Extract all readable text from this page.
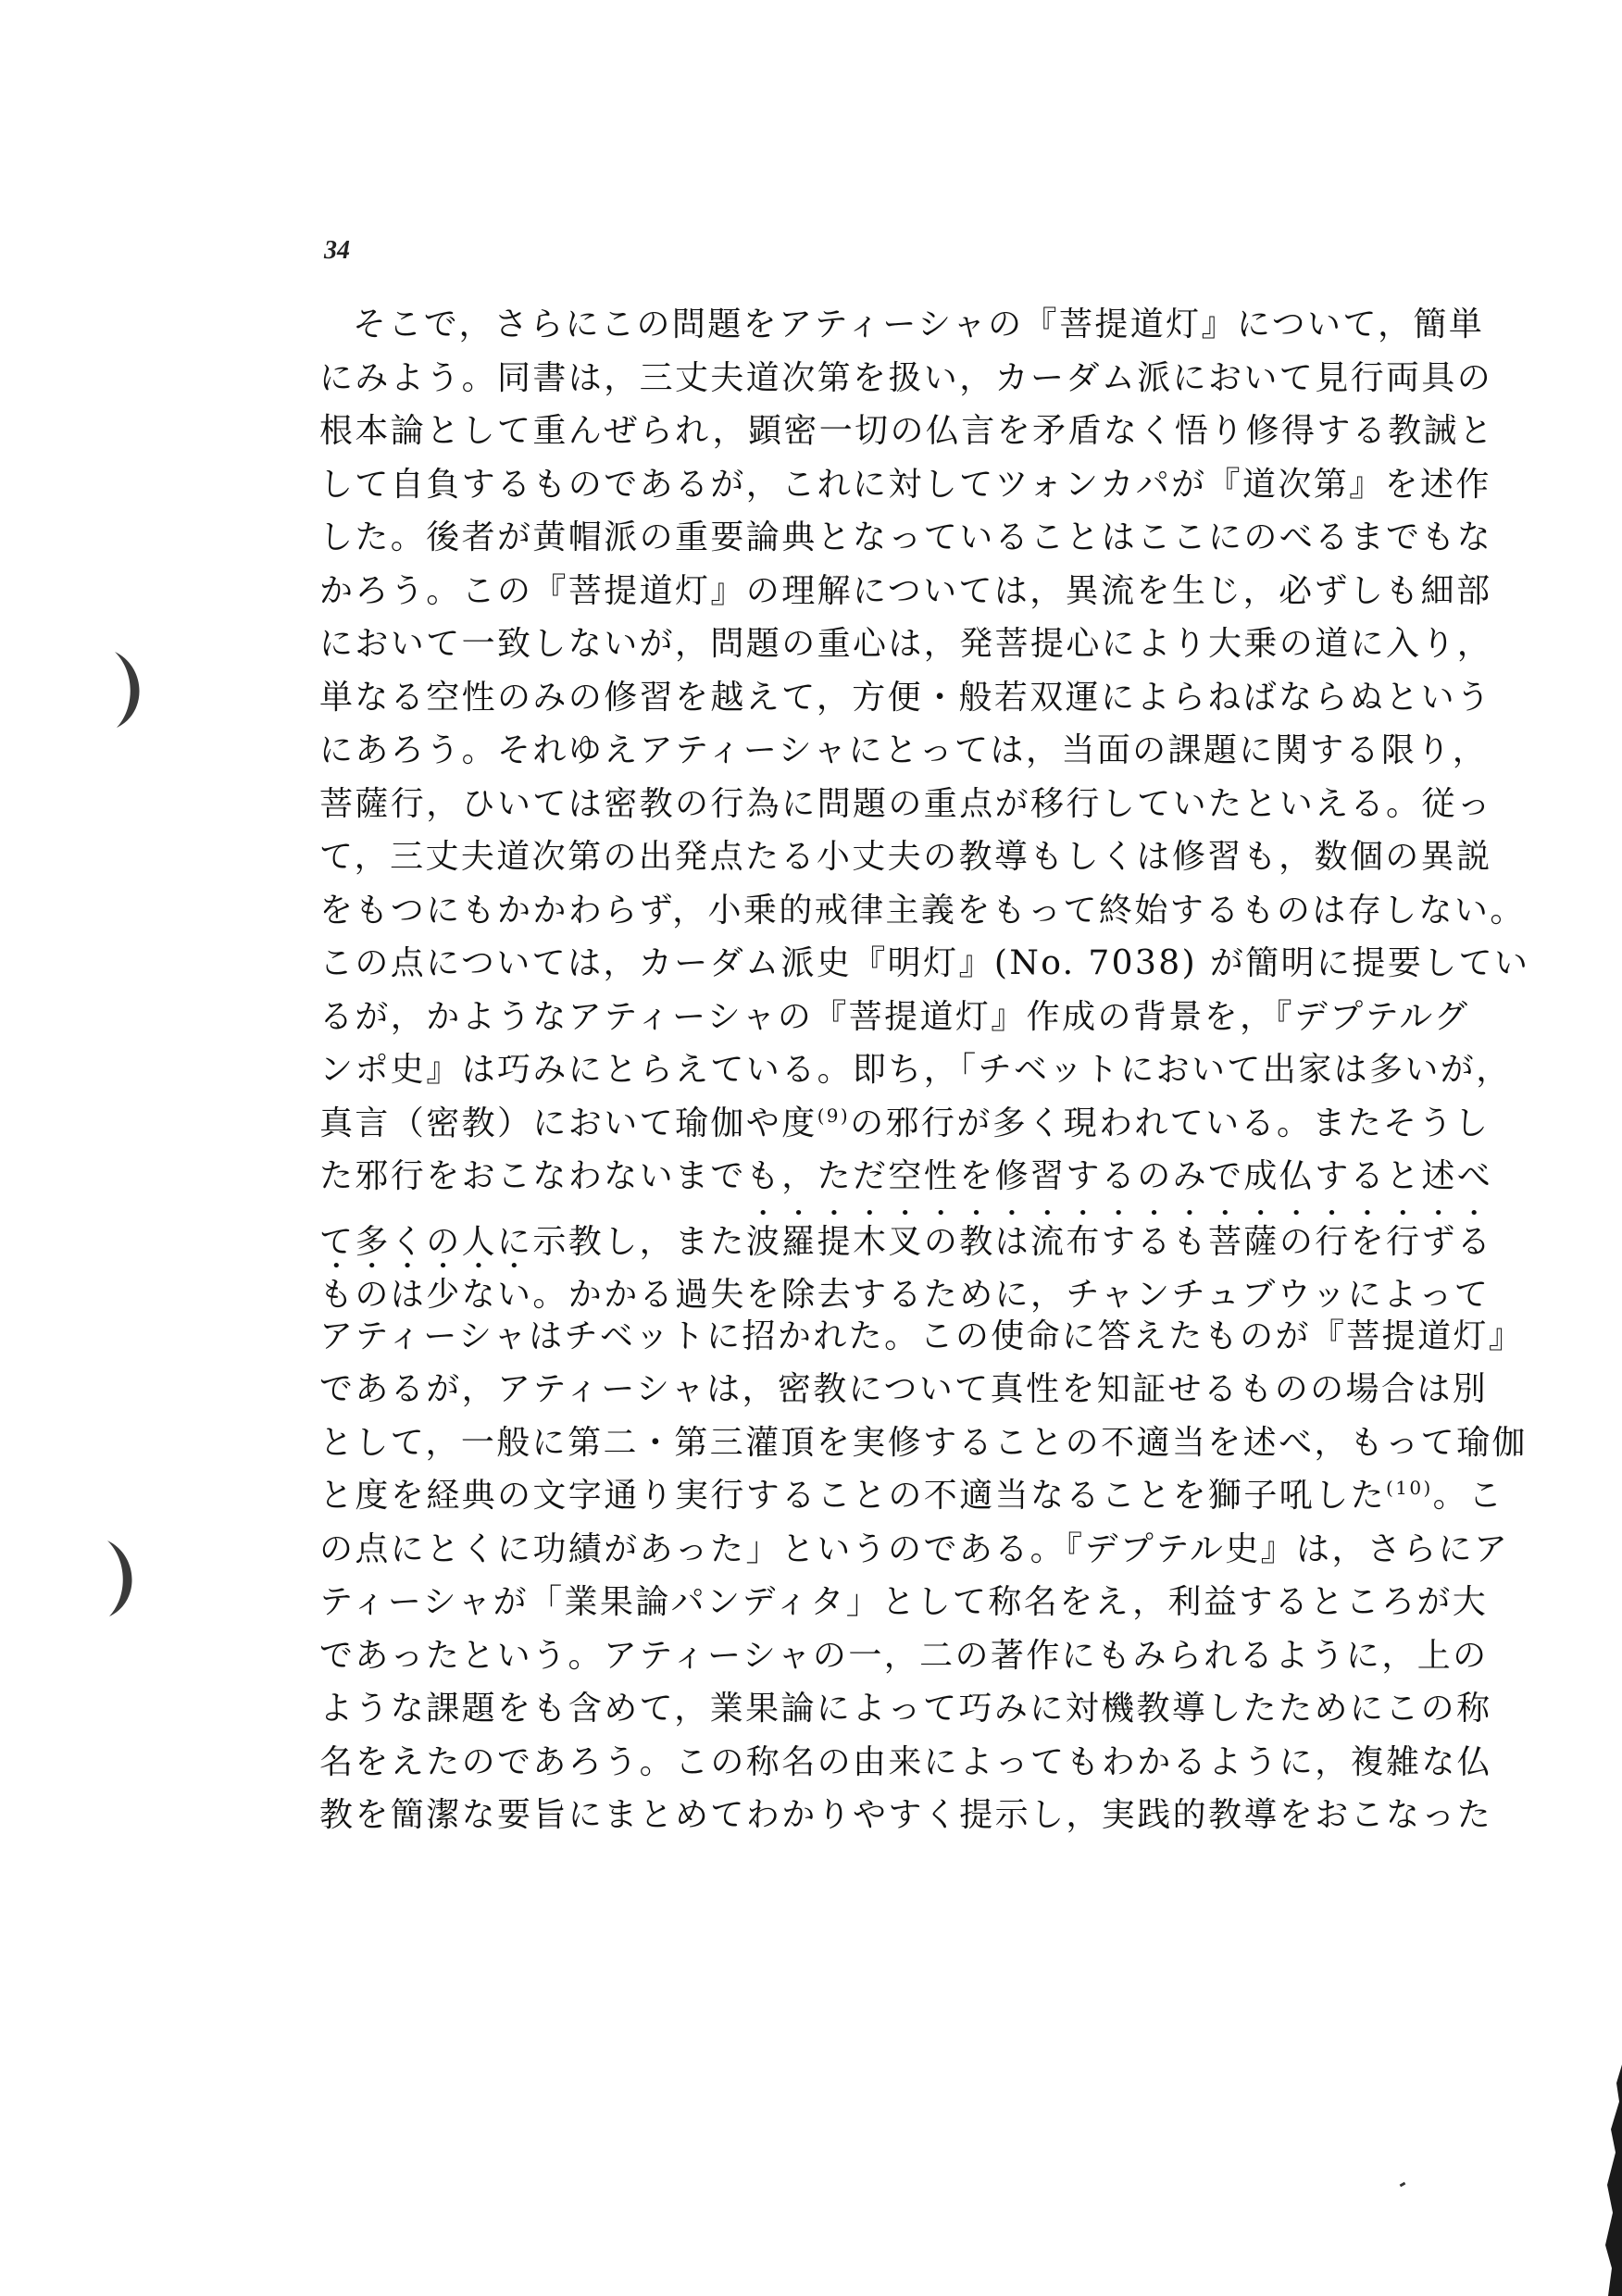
34
そこで，さらにこの問題をアティーシャの『菩提道灯』について，簡単
にみよう。同書は，三丈夫道次第を扱い，カーダム派において見行両具の
根本論として重んぜられ，顕密一切の仏言を矛盾なく悟り修得する教誡と
して自負するものであるが，これに対してツォンカパが『道次第』を述作
した。後者が黄帽派の重要論典となっていることはここにのべるまでもな
かろう。この『菩提道灯』の理解については，異流を生じ，必ずしも細部
において一致しないが，問題の重心は，発菩提心により大乗の道に入り，
単なる空性のみの修習を越えて，方便・般若双運によらねばならぬという
にあろう。それゆえアティーシャにとっては，当面の課題に関する限り，
菩薩行，ひいては密教の行為に問題の重点が移行していたといえる。従っ
て，三丈夫道次第の出発点たる小丈夫の教導もしくは修習も，数個の異説
をもつにもかかわらず，小乗的戒律主義をもって終始するものは存しない。
この点については，カーダム派史『明灯』(No. 7038) が簡明に提要してい
るが，かようなアティーシャの『菩提道灯』作成の背景を，『デプテルグ
ンポ史』は巧みにとらえている。即ち，「チベットにおいて出家は多いが，
真言（密教）において瑜伽や度$^{(9)}$の邪行が多く現われている。またそうし
た邪行をおこなわないまでも，ただ空性を修習するのみで成仏すると述べ
て多くの人に示教し，また波羅提木叉の教は流布するも菩薩の行を行ずる
ものは少ない。かかる過失を除去するために，チャンチュブウッによって
アティーシャはチベットに招かれた。この使命に答えたものが『菩提道灯』
であるが，アティーシャは，密教について真性を知証せるものの場合は別
として，一般に第二・第三灌頂を実修することの不適当を述べ，もって瑜伽
と度を経典の文字通り実行することの不適当なることを獅子吼した$^{(10)}$。こ
の点にとくに功績があった」というのである。『デプテル史』は，さらにア
ティーシャが「業果論パンディタ」として称名をえ，利益するところが大
であったという。アティーシャの一，二の著作にもみられるように，上の
ような課題をも含めて，業果論によって巧みに対機教導したためにこの称
名をえたのであろう。この称名の由来によってもわかるように，複雑な仏
教を簡潔な要旨にまとめてわかりやすく提示し，実践的教導をおこなった
